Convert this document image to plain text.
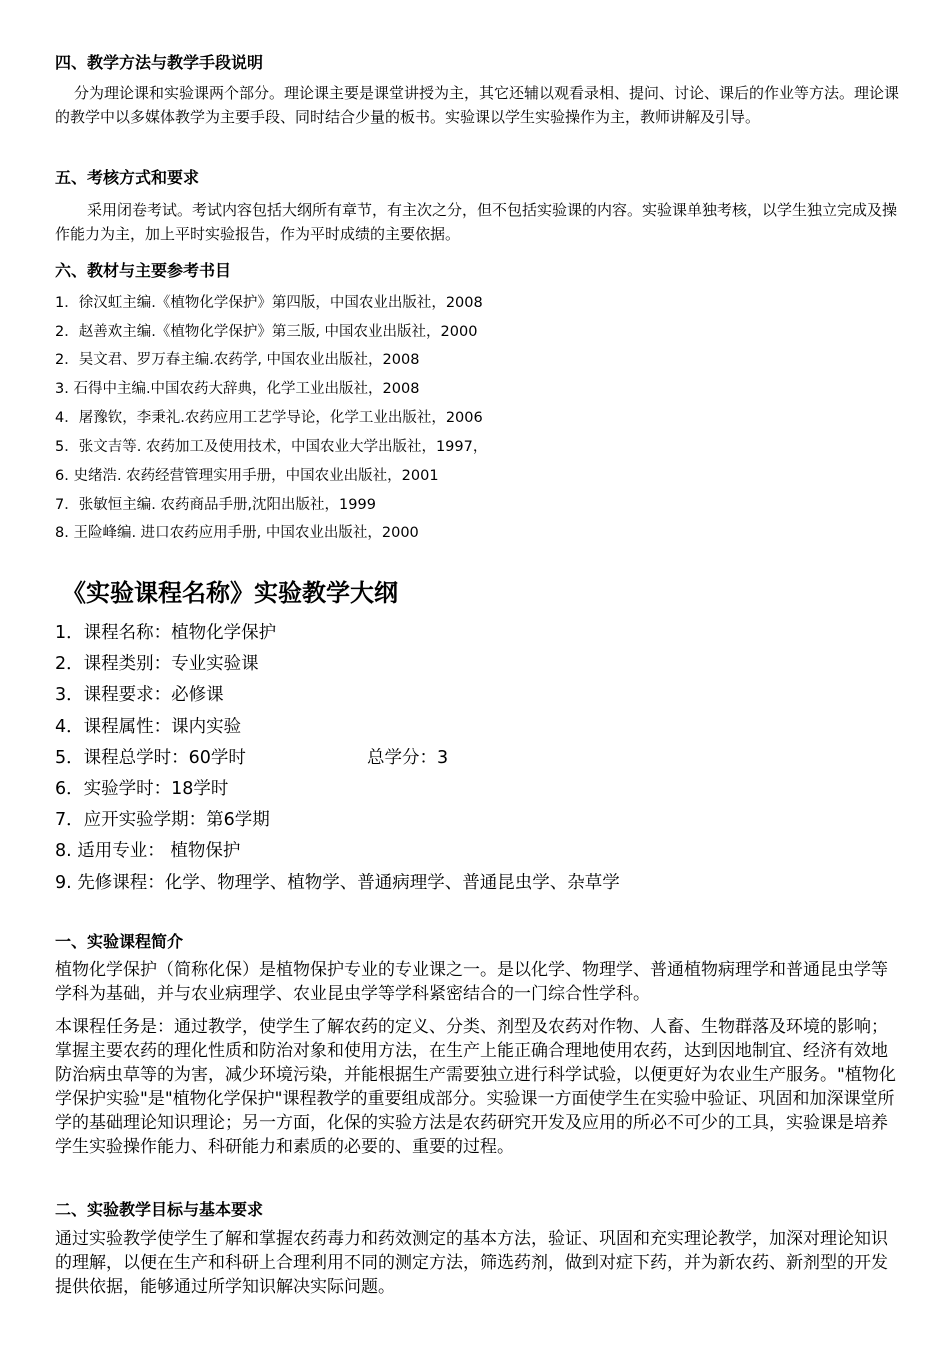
四、教学方法与教学手段说明
分为理论课和实验课两个部分。理论课主要是课堂讲授为主，其它还辅以观看录相、提问、讨论、课后的作业等方法。理论课的教学中以多媒体教学为主要手段、同时结合少量的板书。实验课以学生实验操作为主，教师讲解及引导。
五、考核方式和要求
采用闭卷考试。考试内容包括大纲所有章节，有主次之分，但不包括实验课的内容。实验课单独考核，以学生独立完成及操作能力为主，加上平时实验报告，作为平时成绩的主要依据。
六、教材与主要参考书目
1．徐汉虹主编.《植物化学保护》第四版，中国农业出版社，2008
2．赵善欢主编.《植物化学保护》第三版, 中国农业出版社，2000
2．吴文君、罗万春主编.农药学, 中国农业出版社，2008
3. 石得中主编.中国农药大辞典，化学工业出版社，2008
4．屠豫钦，李秉礼.农药应用工艺学导论，化学工业出版社，2006
5．张文吉等. 农药加工及使用技术，中国农业大学出版社，1997，
6. 史绪浩. 农药经营管理实用手册，中国农业出版社，2001
7．张敏恒主编. 农药商品手册,沈阳出版社，1999
8. 王险峰编. 进口农药应用手册, 中国农业出版社，2000
《实验课程名称》实验教学大纲
1．课程名称：植物化学保护
2．课程类别：专业实验课
3．课程要求：必修课
4．课程属性：课内实验
5．课程总学时：60学时	总学分：3
6．实验学时：18学时
7．应开实验学期：第6学期
8. 适用专业： 植物保护
9. 先修课程：化学、物理学、植物学、普通病理学、普通昆虫学、杂草学
一、实验课程简介
植物化学保护（简称化保）是植物保护专业的专业课之一。是以化学、物理学、普通植物病理学和普通昆虫学等学科为基础，并与农业病理学、农业昆虫学等学科紧密结合的一门综合性学科。
本课程任务是：通过教学，使学生了解农药的定义、分类、剂型及农药对作物、人畜、生物群落及环境的影响；掌握主要农药的理化性质和防治对象和使用方法，在生产上能正确合理地使用农药，达到因地制宜、经济有效地防治病虫草等的为害，减少环境污染，并能根据生产需要独立进行科学试验，以便更好为农业生产服务。"植物化学保护实验"是"植物化学保护"课程教学的重要组成部分。实验课一方面使学生在实验中验证、巩固和加深课堂所学的基础理论知识理论；另一方面，化保的实验方法是农药研究开发及应用的所必不可少的工具，实验课是培养学生实验操作能力、科研能力和素质的必要的、重要的过程。
二、实验教学目标与基本要求
通过实验教学使学生了解和掌握农药毒力和药效测定的基本方法，验证、巩固和充实理论教学，加深对理论知识的理解，以便在生产和科研上合理利用不同的测定方法，筛选药剂，做到对症下药，并为新农药、新剂型的开发提供依据，能够通过所学知识解决实际问题。
